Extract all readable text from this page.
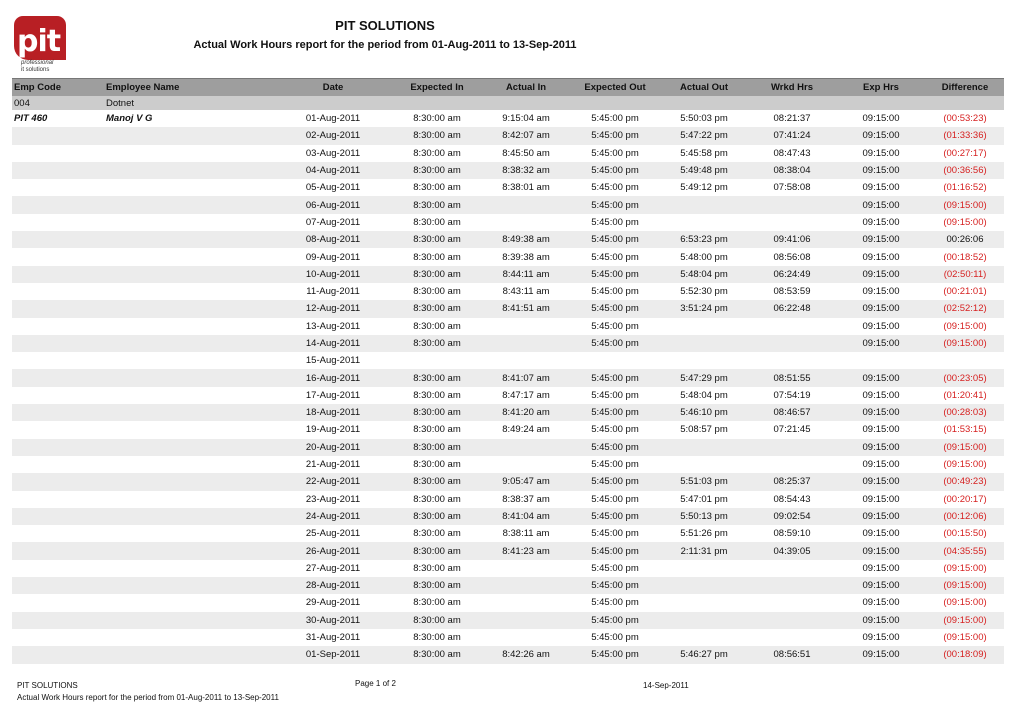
pit
professional
it solutions
PIT SOLUTIONS
Actual Work Hours report for the period from 01-Aug-2011 to 13-Sep-2011
Emp Code	Employee Name	Date	Expected In	Actual In	Expected Out	Actual Out	Wrkd Hrs	Exp Hrs	Difference
004	Dotnet								
PIT 460	Manoj V G	01-Aug-2011	8:30:00 am	9:15:04 am	5:45:00 pm	5:50:03 pm	08:21:37	09:15:00	(00:53:23)
		02-Aug-2011	8:30:00 am	8:42:07 am	5:45:00 pm	5:47:22 pm	07:41:24	09:15:00	(01:33:36)
		03-Aug-2011	8:30:00 am	8:45:50 am	5:45:00 pm	5:45:58 pm	08:47:43	09:15:00	(00:27:17)
		04-Aug-2011	8:30:00 am	8:38:32 am	5:45:00 pm	5:49:48 pm	08:38:04	09:15:00	(00:36:56)
		05-Aug-2011	8:30:00 am	8:38:01 am	5:45:00 pm	5:49:12 pm	07:58:08	09:15:00	(01:16:52)
		06-Aug-2011	8:30:00 am		5:45:00 pm			09:15:00	(09:15:00)
		07-Aug-2011	8:30:00 am		5:45:00 pm			09:15:00	(09:15:00)
		08-Aug-2011	8:30:00 am	8:49:38 am	5:45:00 pm	6:53:23 pm	09:41:06	09:15:00	00:26:06
		09-Aug-2011	8:30:00 am	8:39:38 am	5:45:00 pm	5:48:00 pm	08:56:08	09:15:00	(00:18:52)
		10-Aug-2011	8:30:00 am	8:44:11 am	5:45:00 pm	5:48:04 pm	06:24:49	09:15:00	(02:50:11)
		11-Aug-2011	8:30:00 am	8:43:11 am	5:45:00 pm	5:52:30 pm	08:53:59	09:15:00	(00:21:01)
		12-Aug-2011	8:30:00 am	8:41:51 am	5:45:00 pm	3:51:24 pm	06:22:48	09:15:00	(02:52:12)
		13-Aug-2011	8:30:00 am		5:45:00 pm			09:15:00	(09:15:00)
		14-Aug-2011	8:30:00 am		5:45:00 pm			09:15:00	(09:15:00)
		15-Aug-2011							
		16-Aug-2011	8:30:00 am	8:41:07 am	5:45:00 pm	5:47:29 pm	08:51:55	09:15:00	(00:23:05)
		17-Aug-2011	8:30:00 am	8:47:17 am	5:45:00 pm	5:48:04 pm	07:54:19	09:15:00	(01:20:41)
		18-Aug-2011	8:30:00 am	8:41:20 am	5:45:00 pm	5:46:10 pm	08:46:57	09:15:00	(00:28:03)
		19-Aug-2011	8:30:00 am	8:49:24 am	5:45:00 pm	5:08:57 pm	07:21:45	09:15:00	(01:53:15)
		20-Aug-2011	8:30:00 am		5:45:00 pm			09:15:00	(09:15:00)
		21-Aug-2011	8:30:00 am		5:45:00 pm			09:15:00	(09:15:00)
		22-Aug-2011	8:30:00 am	9:05:47 am	5:45:00 pm	5:51:03 pm	08:25:37	09:15:00	(00:49:23)
		23-Aug-2011	8:30:00 am	8:38:37 am	5:45:00 pm	5:47:01 pm	08:54:43	09:15:00	(00:20:17)
		24-Aug-2011	8:30:00 am	8:41:04 am	5:45:00 pm	5:50:13 pm	09:02:54	09:15:00	(00:12:06)
		25-Aug-2011	8:30:00 am	8:38:11 am	5:45:00 pm	5:51:26 pm	08:59:10	09:15:00	(00:15:50)
		26-Aug-2011	8:30:00 am	8:41:23 am	5:45:00 pm	2:11:31 pm	04:39:05	09:15:00	(04:35:55)
		27-Aug-2011	8:30:00 am		5:45:00 pm			09:15:00	(09:15:00)
		28-Aug-2011	8:30:00 am		5:45:00 pm			09:15:00	(09:15:00)
		29-Aug-2011	8:30:00 am		5:45:00 pm			09:15:00	(09:15:00)
		30-Aug-2011	8:30:00 am		5:45:00 pm			09:15:00	(09:15:00)
		31-Aug-2011	8:30:00 am		5:45:00 pm			09:15:00	(09:15:00)
		01-Sep-2011	8:30:00 am	8:42:26 am	5:45:00 pm	5:46:27 pm	08:56:51	09:15:00	(00:18:09)
PIT SOLUTIONS
Actual Work Hours report for the period from 01-Aug-2011 to 13-Sep-2011
Page 1 of 2	14-Sep-2011
